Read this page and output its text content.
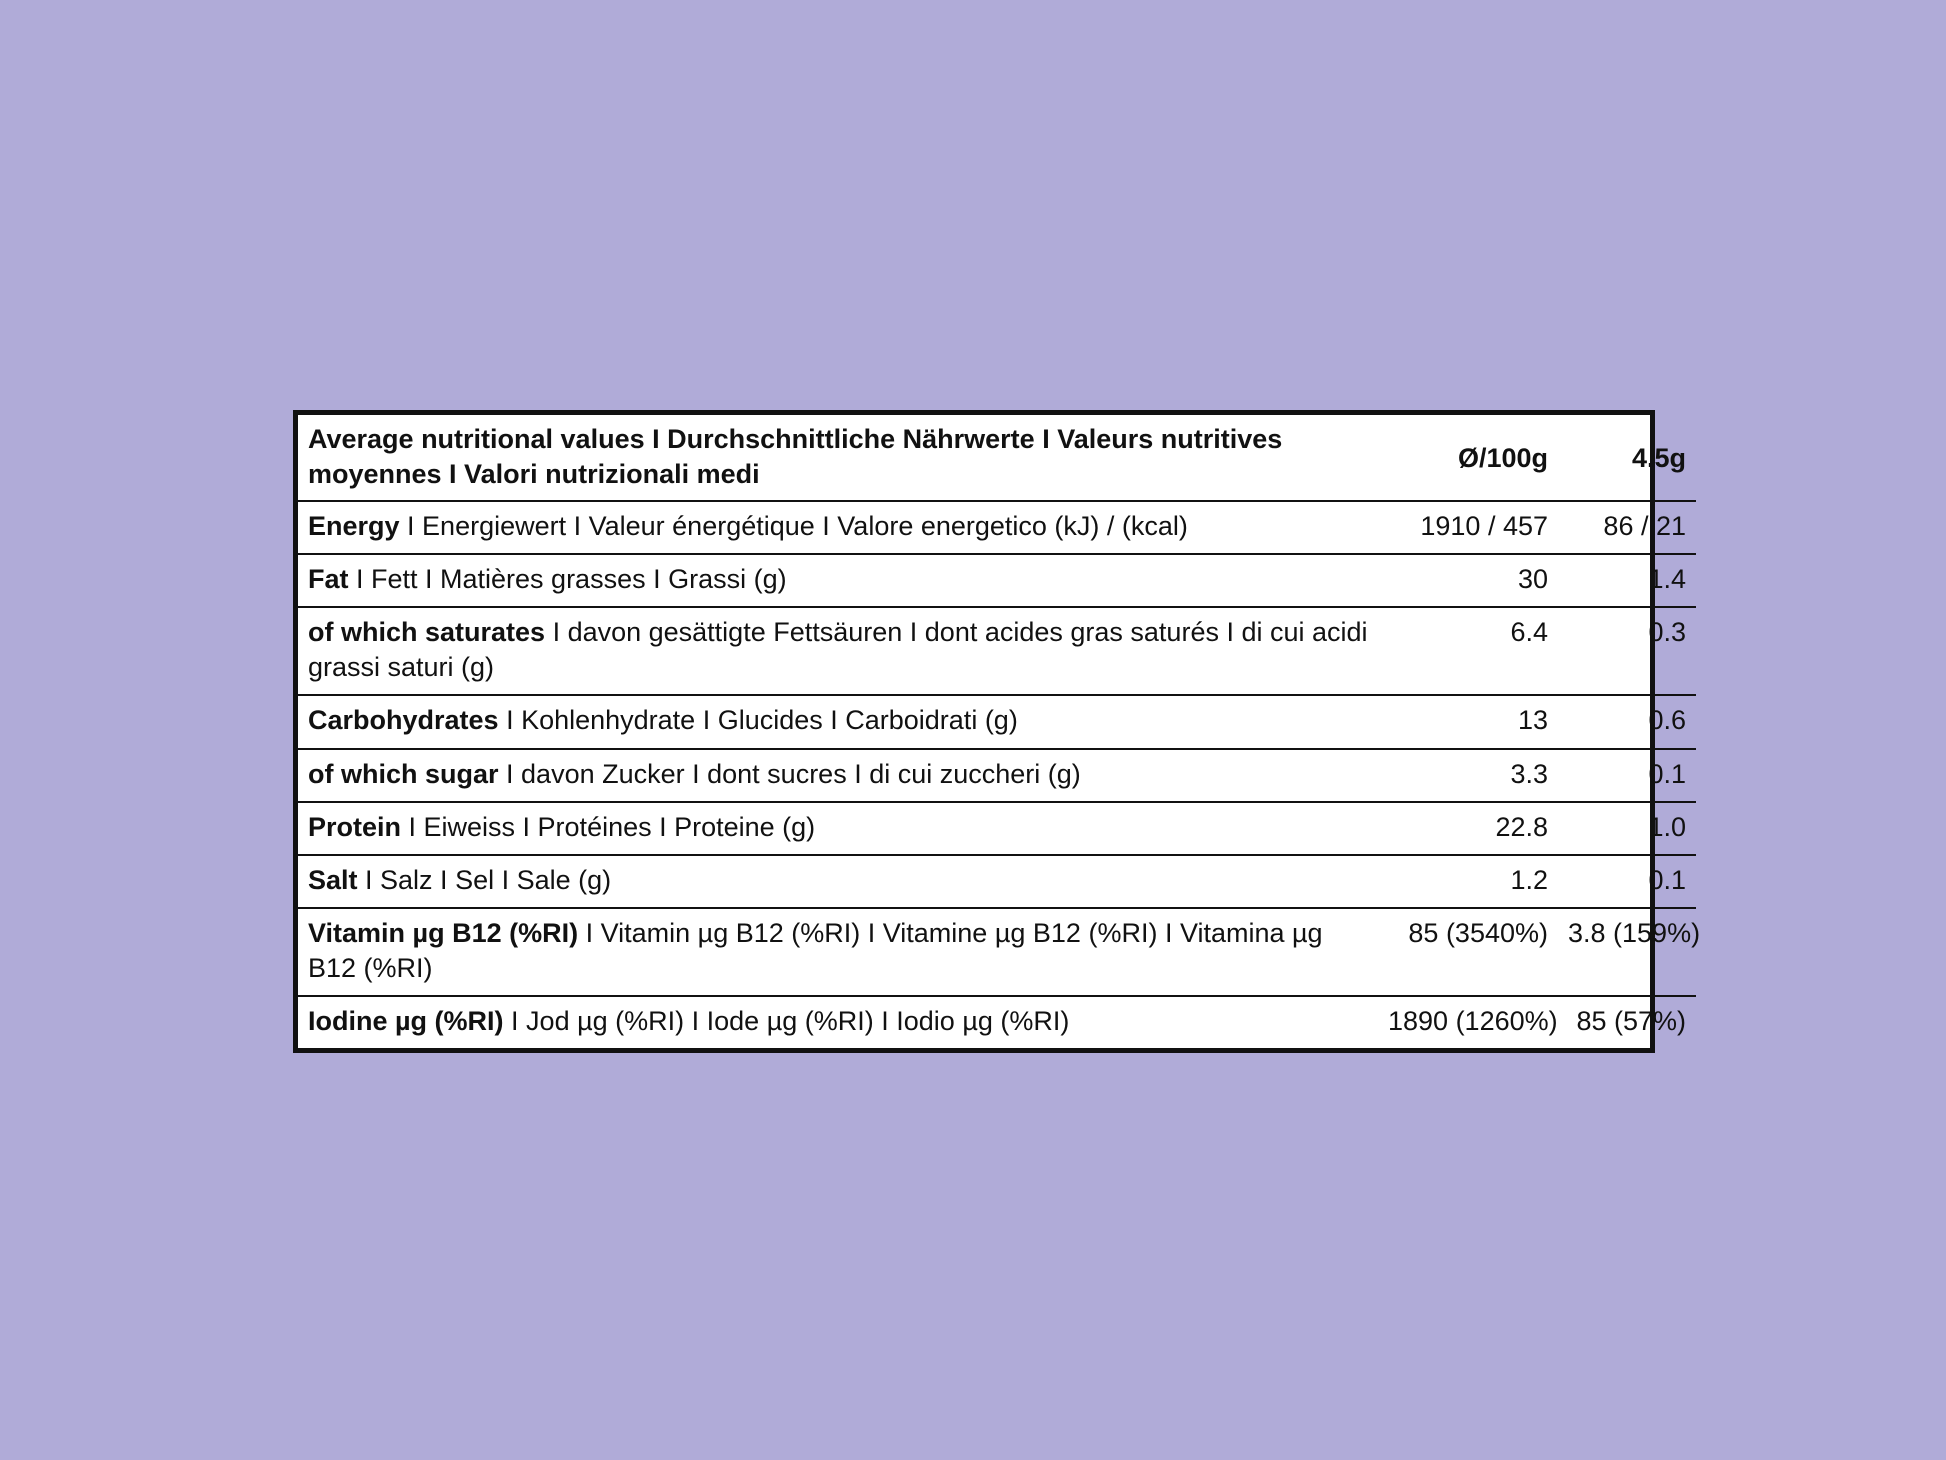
Average nutritional values I Durchschnittliche Nährwerte I Valeurs nutritives moyennes I Valori nutrizionali medi	Ø/100g	4.5g
Energy I Energiewert I Valeur énergétique I Valore energetico (kJ) / (kcal)	1910 / 457	86 / 21
Fat I Fett I Matières grasses I Grassi (g)	30	1.4
of which saturates I davon gesättigte Fettsäuren I dont acides gras saturés I di cui acidi grassi saturi (g)	6.4	0.3
Carbohydrates I Kohlenhydrate I Glucides I Carboidrati (g)	13	0.6
of which sugar I davon Zucker I dont sucres I di cui zuccheri (g)	3.3	0.1
Protein I Eiweiss I Protéines I Proteine (g)	22.8	1.0
Salt I Salz I Sel I Sale (g)	1.2	0.1
Vitamin µg B12 (%RI) I Vitamin µg B12 (%RI) I Vitamine µg B12 (%RI) I Vitamina µg B12 (%RI)	85 (3540%)	3.8 (159%)
Iodine µg (%RI) I Jod µg (%RI) I Iode µg (%RI) I Iodio µg (%RI)	1890 (1260%)	85 (57%)
